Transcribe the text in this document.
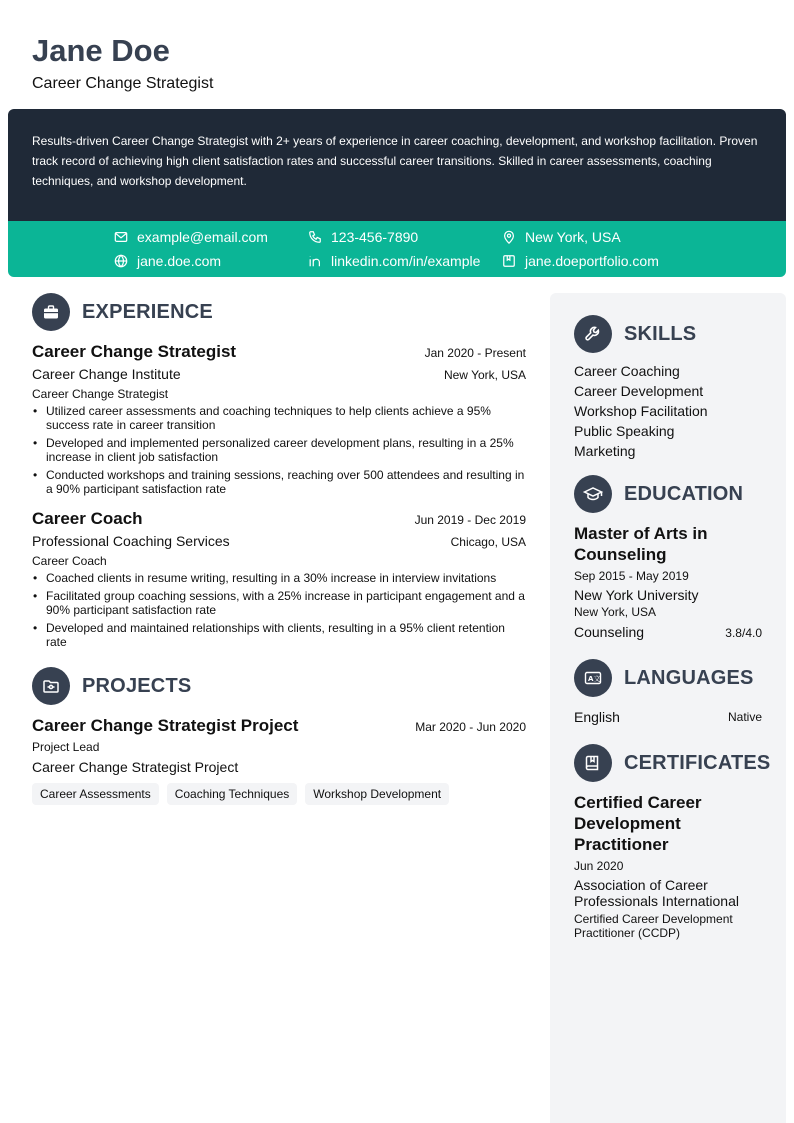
Jane Doe
Career Change Strategist
Results-driven Career Change Strategist with 2+ years of experience in career coaching, development, and workshop facilitation. Proven track record of achieving high client satisfaction rates and successful career transitions. Skilled in career assessments, coaching techniques, and workshop development.
example@email.com	123-456-7890	New York, USA
jane.doe.com	linkedin.com/in/example	jane.doeportfolio.com
EXPERIENCE
Career Change Strategist	Jan 2020 - Present
Career Change Institute	New York, USA
Career Change Strategist
• Utilized career assessments and coaching techniques to help clients achieve a 95% success rate in career transition
• Developed and implemented personalized career development plans, resulting in a 25% increase in client job satisfaction
• Conducted workshops and training sessions, reaching over 500 attendees and resulting in a 90% participant satisfaction rate
Career Coach	Jun 2019 - Dec 2019
Professional Coaching Services	Chicago, USA
Career Coach
• Coached clients in resume writing, resulting in a 30% increase in interview invitations
• Facilitated group coaching sessions, with a 25% increase in participant engagement and a 90% participant satisfaction rate
• Developed and maintained relationships with clients, resulting in a 95% client retention rate
PROJECTS
Career Change Strategist Project	Mar 2020 - Jun 2020
Project Lead
Career Change Strategist Project
Career Assessments	Coaching Techniques	Workshop Development
SKILLS
Career Coaching
Career Development
Workshop Facilitation
Public Speaking
Marketing
EDUCATION
Master of Arts in Counseling
Sep 2015 - May 2019
New York University
New York, USA
Counseling	3.8/4.0
A 文 LANGUAGES
English	Native
CERTIFICATES
Certified Career Development Practitioner
Jun 2020
Association of Career Professionals International
Certified Career Development Practitioner (CCDP)
